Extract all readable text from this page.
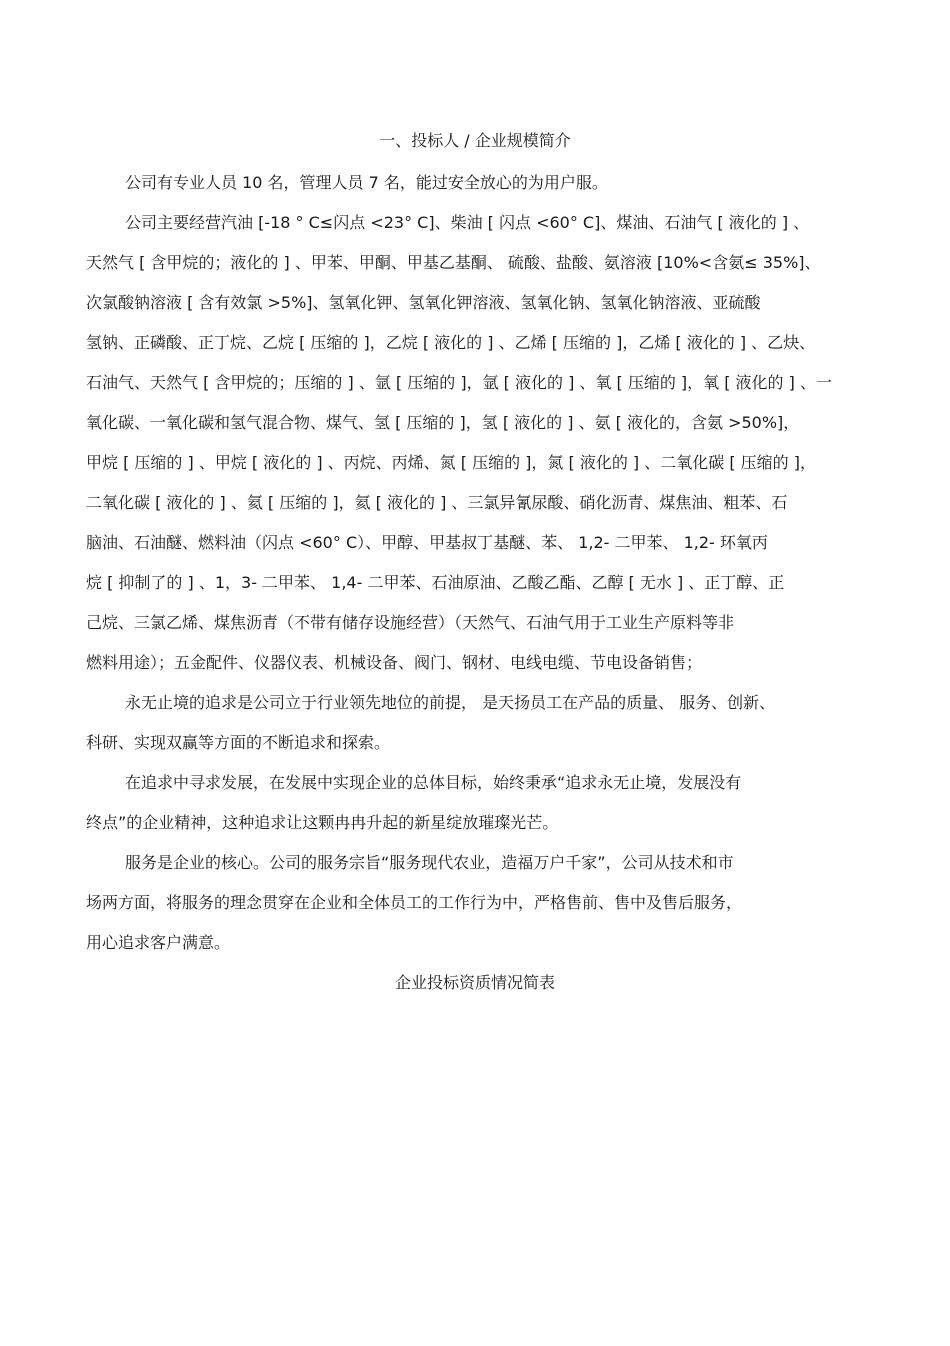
一、投标人 / 企业规模简介

公司有专业人员 10 名，管理人员 7 名，能过安全放心的为用户服。

公司主要经营汽油 [-18 ° C≤闪点 <23° C]、柴油 [ 闪点 <60° C]、煤油、石油气 [ 液化的 ] 、

天然气 [ 含甲烷的；液化的 ] 、甲苯、甲酮、甲基乙基酮、 硫酸、盐酸、氨溶液 [10%<含氨≤ 35%]、

次氯酸钠溶液 [ 含有效氯 >5%]、氢氧化钾、氢氧化钾溶液、氢氧化钠、氢氧化钠溶液、亚硫酸

氢钠、正磷酸、正丁烷、乙烷 [ 压缩的 ]，乙烷 [ 液化的 ] 、乙烯 [ 压缩的 ]，乙烯 [ 液化的 ] 、乙炔、

石油气、天然气 [ 含甲烷的；压缩的 ] 、氩 [ 压缩的 ]，氩 [ 液化的 ] 、氧 [ 压缩的 ]，氧 [ 液化的 ] 、一

氧化碳、一氧化碳和氢气混合物、煤气、氢 [ 压缩的 ]，氢 [ 液化的 ] 、氨 [ 液化的，含氨 >50%]，

甲烷 [ 压缩的 ] 、甲烷 [ 液化的 ] 、丙烷、丙烯、氮 [ 压缩的 ]，氮 [ 液化的 ] 、二氧化碳 [ 压缩的 ]，

二氧化碳 [ 液化的 ] 、氦 [ 压缩的 ]，氦 [ 液化的 ] 、三氯异氰尿酸、硝化沥青、煤焦油、粗苯、石

脑油、石油醚、燃料油（闪点 <60° C）、甲醇、甲基叔丁基醚、苯、 1,2- 二甲苯、 1,2- 环氧丙

烷 [ 抑制了的 ] 、1，3- 二甲苯、 1,4- 二甲苯、石油原油、乙酸乙酯、乙醇 [ 无水 ] 、正丁醇、正

己烷、三氯乙烯、煤焦沥青（不带有储存设施经营）（天然气、石油气用于工业生产原料等非

燃料用途）；五金配件、仪器仪表、机械设备、阀门、钢材、电线电缆、节电设备销售；

永无止境的追求是公司立于行业领先地位的前提， 是天扬员工在产品的质量、 服务、创新、

科研、实现双赢等方面的不断追求和探索。

在追求中寻求发展，在发展中实现企业的总体目标，始终秉承“追求永无止境，发展没有

终点”的企业精神，这种追求让这颗冉冉升起的新星绽放璀璨光芒。

服务是企业的核心。公司的服务宗旨“服务现代农业，造福万户千家”，公司从技术和市

场两方面，将服务的理念贯穿在企业和全体员工的工作行为中，严格售前、售中及售后服务，

用心追求客户满意。

企业投标资质情况简表
